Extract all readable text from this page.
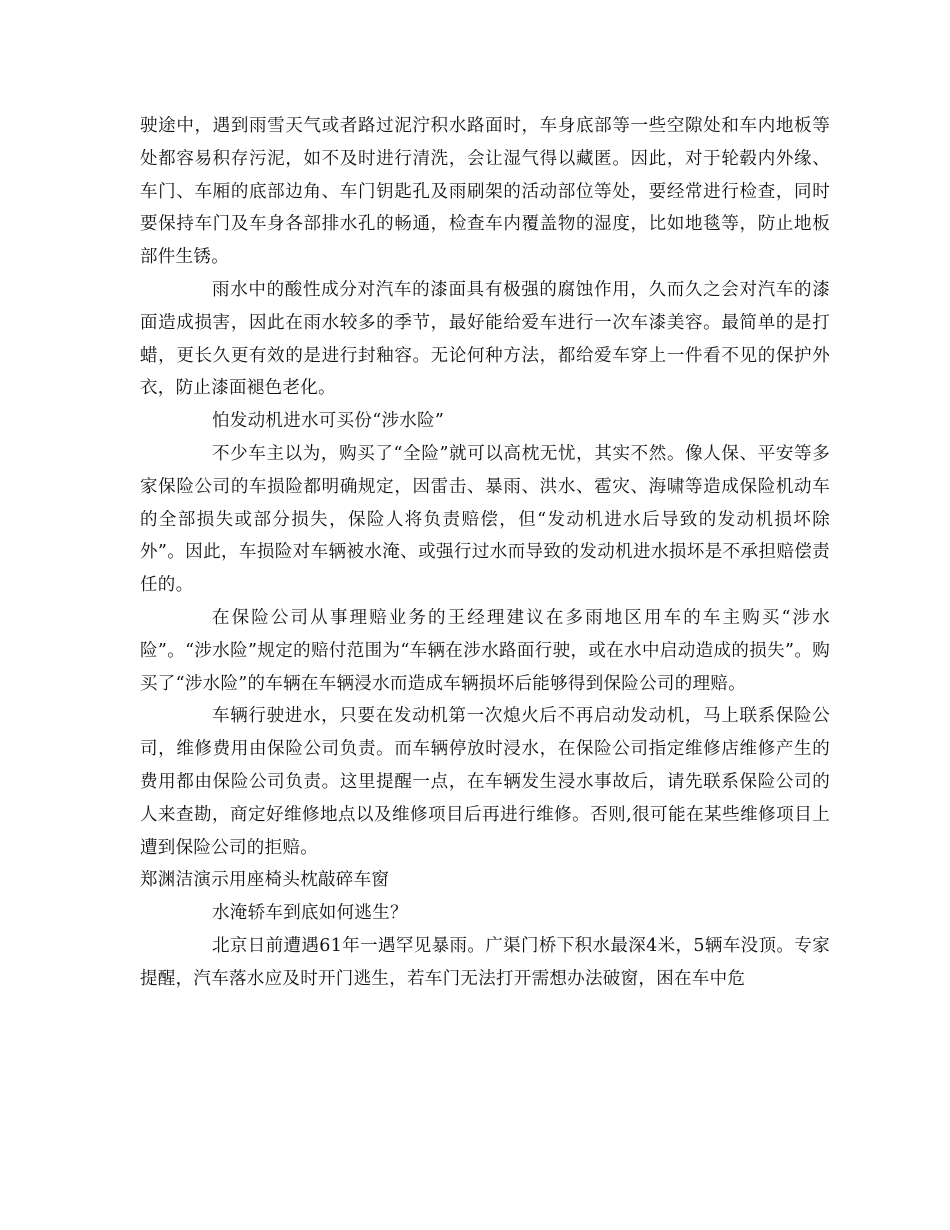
驶途中，遇到雨雪天气或者路过泥泞积水路面时，车身底部等一些空隙处和车内地板等处都容易积存污泥，如不及时进行清洗，会让湿气得以藏匿。因此，对于轮毂内外缘、车门、车厢的底部边角、车门钥匙孔及雨刷架的活动部位等处，要经常进行检查，同时要保持车门及车身各部排水孔的畅通，检查车内覆盖物的湿度，比如地毯等，防止地板部件生锈。

雨水中的酸性成分对汽车的漆面具有极强的腐蚀作用，久而久之会对汽车的漆面造成损害，因此在雨水较多的季节，最好能给爱车进行一次车漆美容。最简单的是打蜡，更长久更有效的是进行封釉容。无论何种方法，都给爱车穿上一件看不见的保护外衣，防止漆面褪色老化。

怕发动机进水可买份“涉水险”

不少车主以为，购买了“全险”就可以高枕无忧，其实不然。像人保、平安等多家保险公司的车损险都明确规定，因雷击、暴雨、洪水、雹灾、海啸等造成保险机动车的全部损失或部分损失，保险人将负责赔偿，但“发动机进水后导致的发动机损坏除外”。因此，车损险对车辆被水淹、或强行过水而导致的发动机进水损坏是不承担赔偿责任的。

在保险公司从事理赔业务的王经理建议在多雨地区用车的车主购买“涉水险”。“涉水险”规定的赔付范围为“车辆在涉水路面行驶，或在水中启动造成的损失”。购买了“涉水险”的车辆在车辆浸水而造成车辆损坏后能够得到保险公司的理赔。

车辆行驶进水，只要在发动机第一次熄火后不再启动发动机，马上联系保险公司，维修费用由保险公司负责。而车辆停放时浸水，在保险公司指定维修店维修产生的费用都由保险公司负责。这里提醒一点，在车辆发生浸水事故后，请先联系保险公司的人来查勘，商定好维修地点以及维修项目后再进行维修。否则,很可能在某些维修项目上遭到保险公司的拒赔。

郑渊洁演示用座椅头枕敲碎车窗

水淹轿车到底如何逃生？

北京日前遭遇61年一遇罕见暴雨。广渠门桥下积水最深4米，5辆车没顶。专家提醒，汽车落水应及时开门逃生，若车门无法打开需想办法破窗，困在车中危
